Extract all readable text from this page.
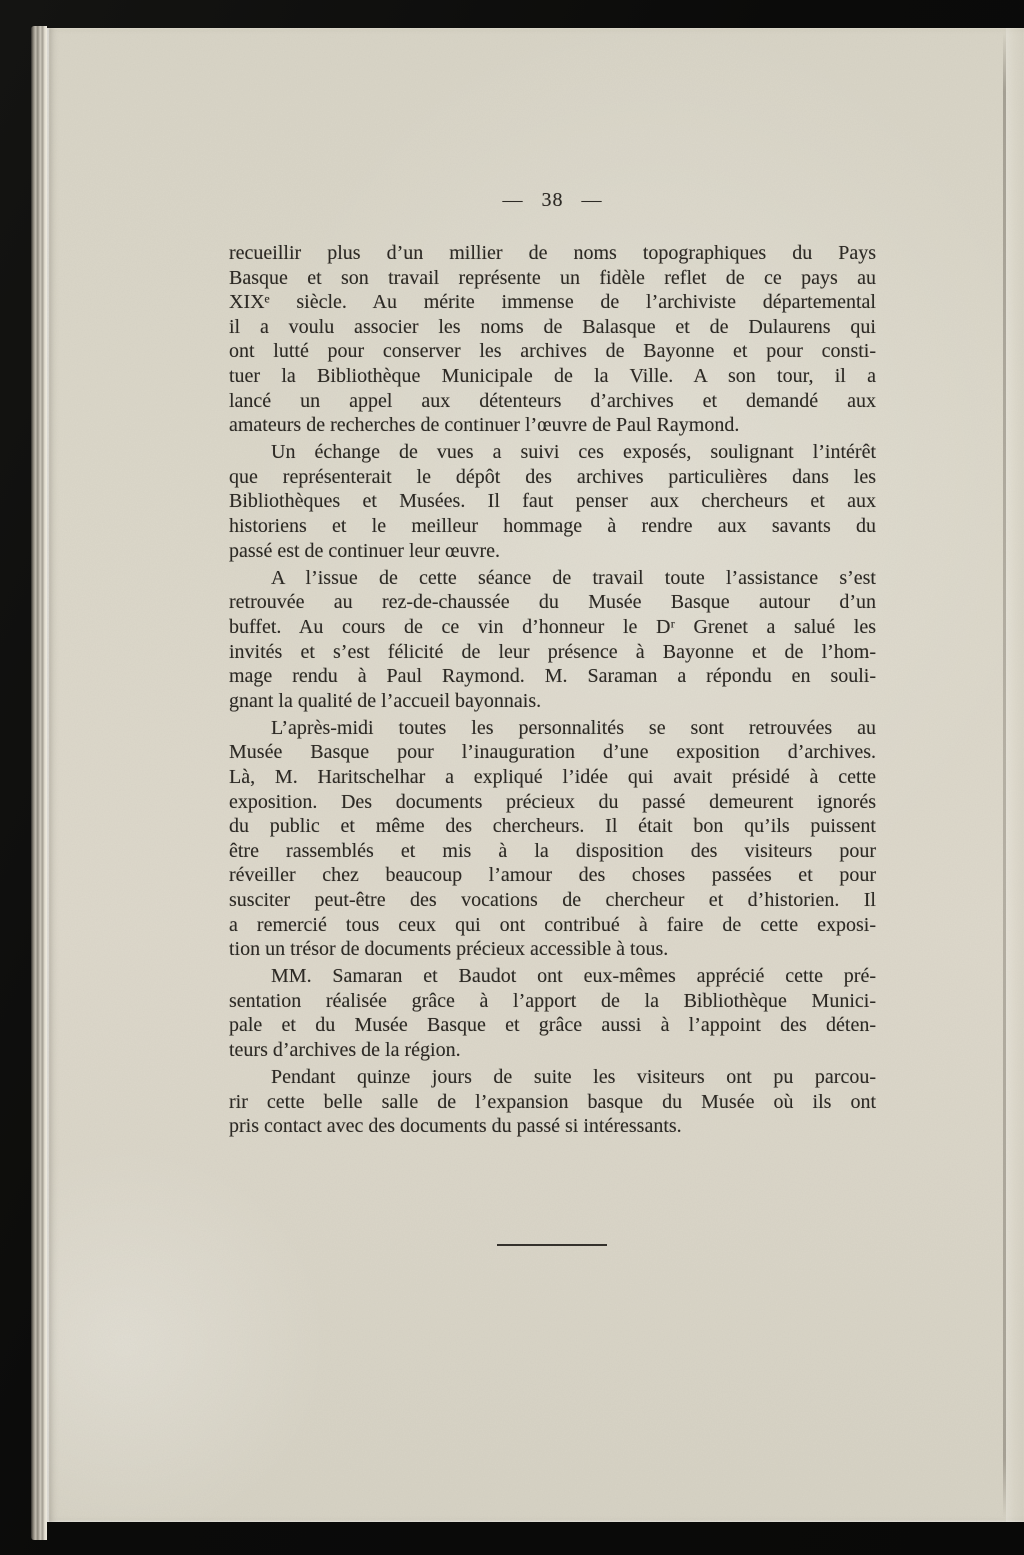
— 38 —

recueillir plus d’un millier de noms topographiques du Pays
Basque et son travail représente un fidèle reflet de ce pays au
XIXᵉ siècle. Au mérite immense de l’archiviste départemental
il a voulu associer les noms de Balasque et de Dulaurens qui
ont lutté pour conserver les archives de Bayonne et pour consti-
tuer la Bibliothèque Municipale de la Ville. A son tour, il a
lancé un appel aux détenteurs d’archives et demandé aux
amateurs de recherches de continuer l’œuvre de Paul Raymond.

Un échange de vues a suivi ces exposés, soulignant l’intérêt
que représenterait le dépôt des archives particulières dans les
Bibliothèques et Musées. Il faut penser aux chercheurs et aux
historiens et le meilleur hommage à rendre aux savants du
passé est de continuer leur œuvre.

A l’issue de cette séance de travail toute l’assistance s’est
retrouvée au rez-de-chaussée du Musée Basque autour d’un
buffet. Au cours de ce vin d’honneur le Dʳ Grenet a salué les
invités et s’est félicité de leur présence à Bayonne et de l’hom-
mage rendu à Paul Raymond. M. Saraman a répondu en souli-
gnant la qualité de l’accueil bayonnais.

L’après-midi toutes les personnalités se sont retrouvées au
Musée Basque pour l’inauguration d’une exposition d’archives.
Là, M. Haritschelhar a expliqué l’idée qui avait présidé à cette
exposition. Des documents précieux du passé demeurent ignorés
du public et même des chercheurs. Il était bon qu’ils puissent
être rassemblés et mis à la disposition des visiteurs pour
réveiller chez beaucoup l’amour des choses passées et pour
susciter peut-être des vocations de chercheur et d’historien. Il
a remercié tous ceux qui ont contribué à faire de cette exposi-
tion un trésor de documents précieux accessible à tous.

MM. Samaran et Baudot ont eux-mêmes apprécié cette pré-
sentation réalisée grâce à l’apport de la Bibliothèque Munici-
pale et du Musée Basque et grâce aussi à l’appoint des déten-
teurs d’archives de la région.

Pendant quinze jours de suite les visiteurs ont pu parcou-
rir cette belle salle de l’expansion basque du Musée où ils ont
pris contact avec des documents du passé si intéressants.
